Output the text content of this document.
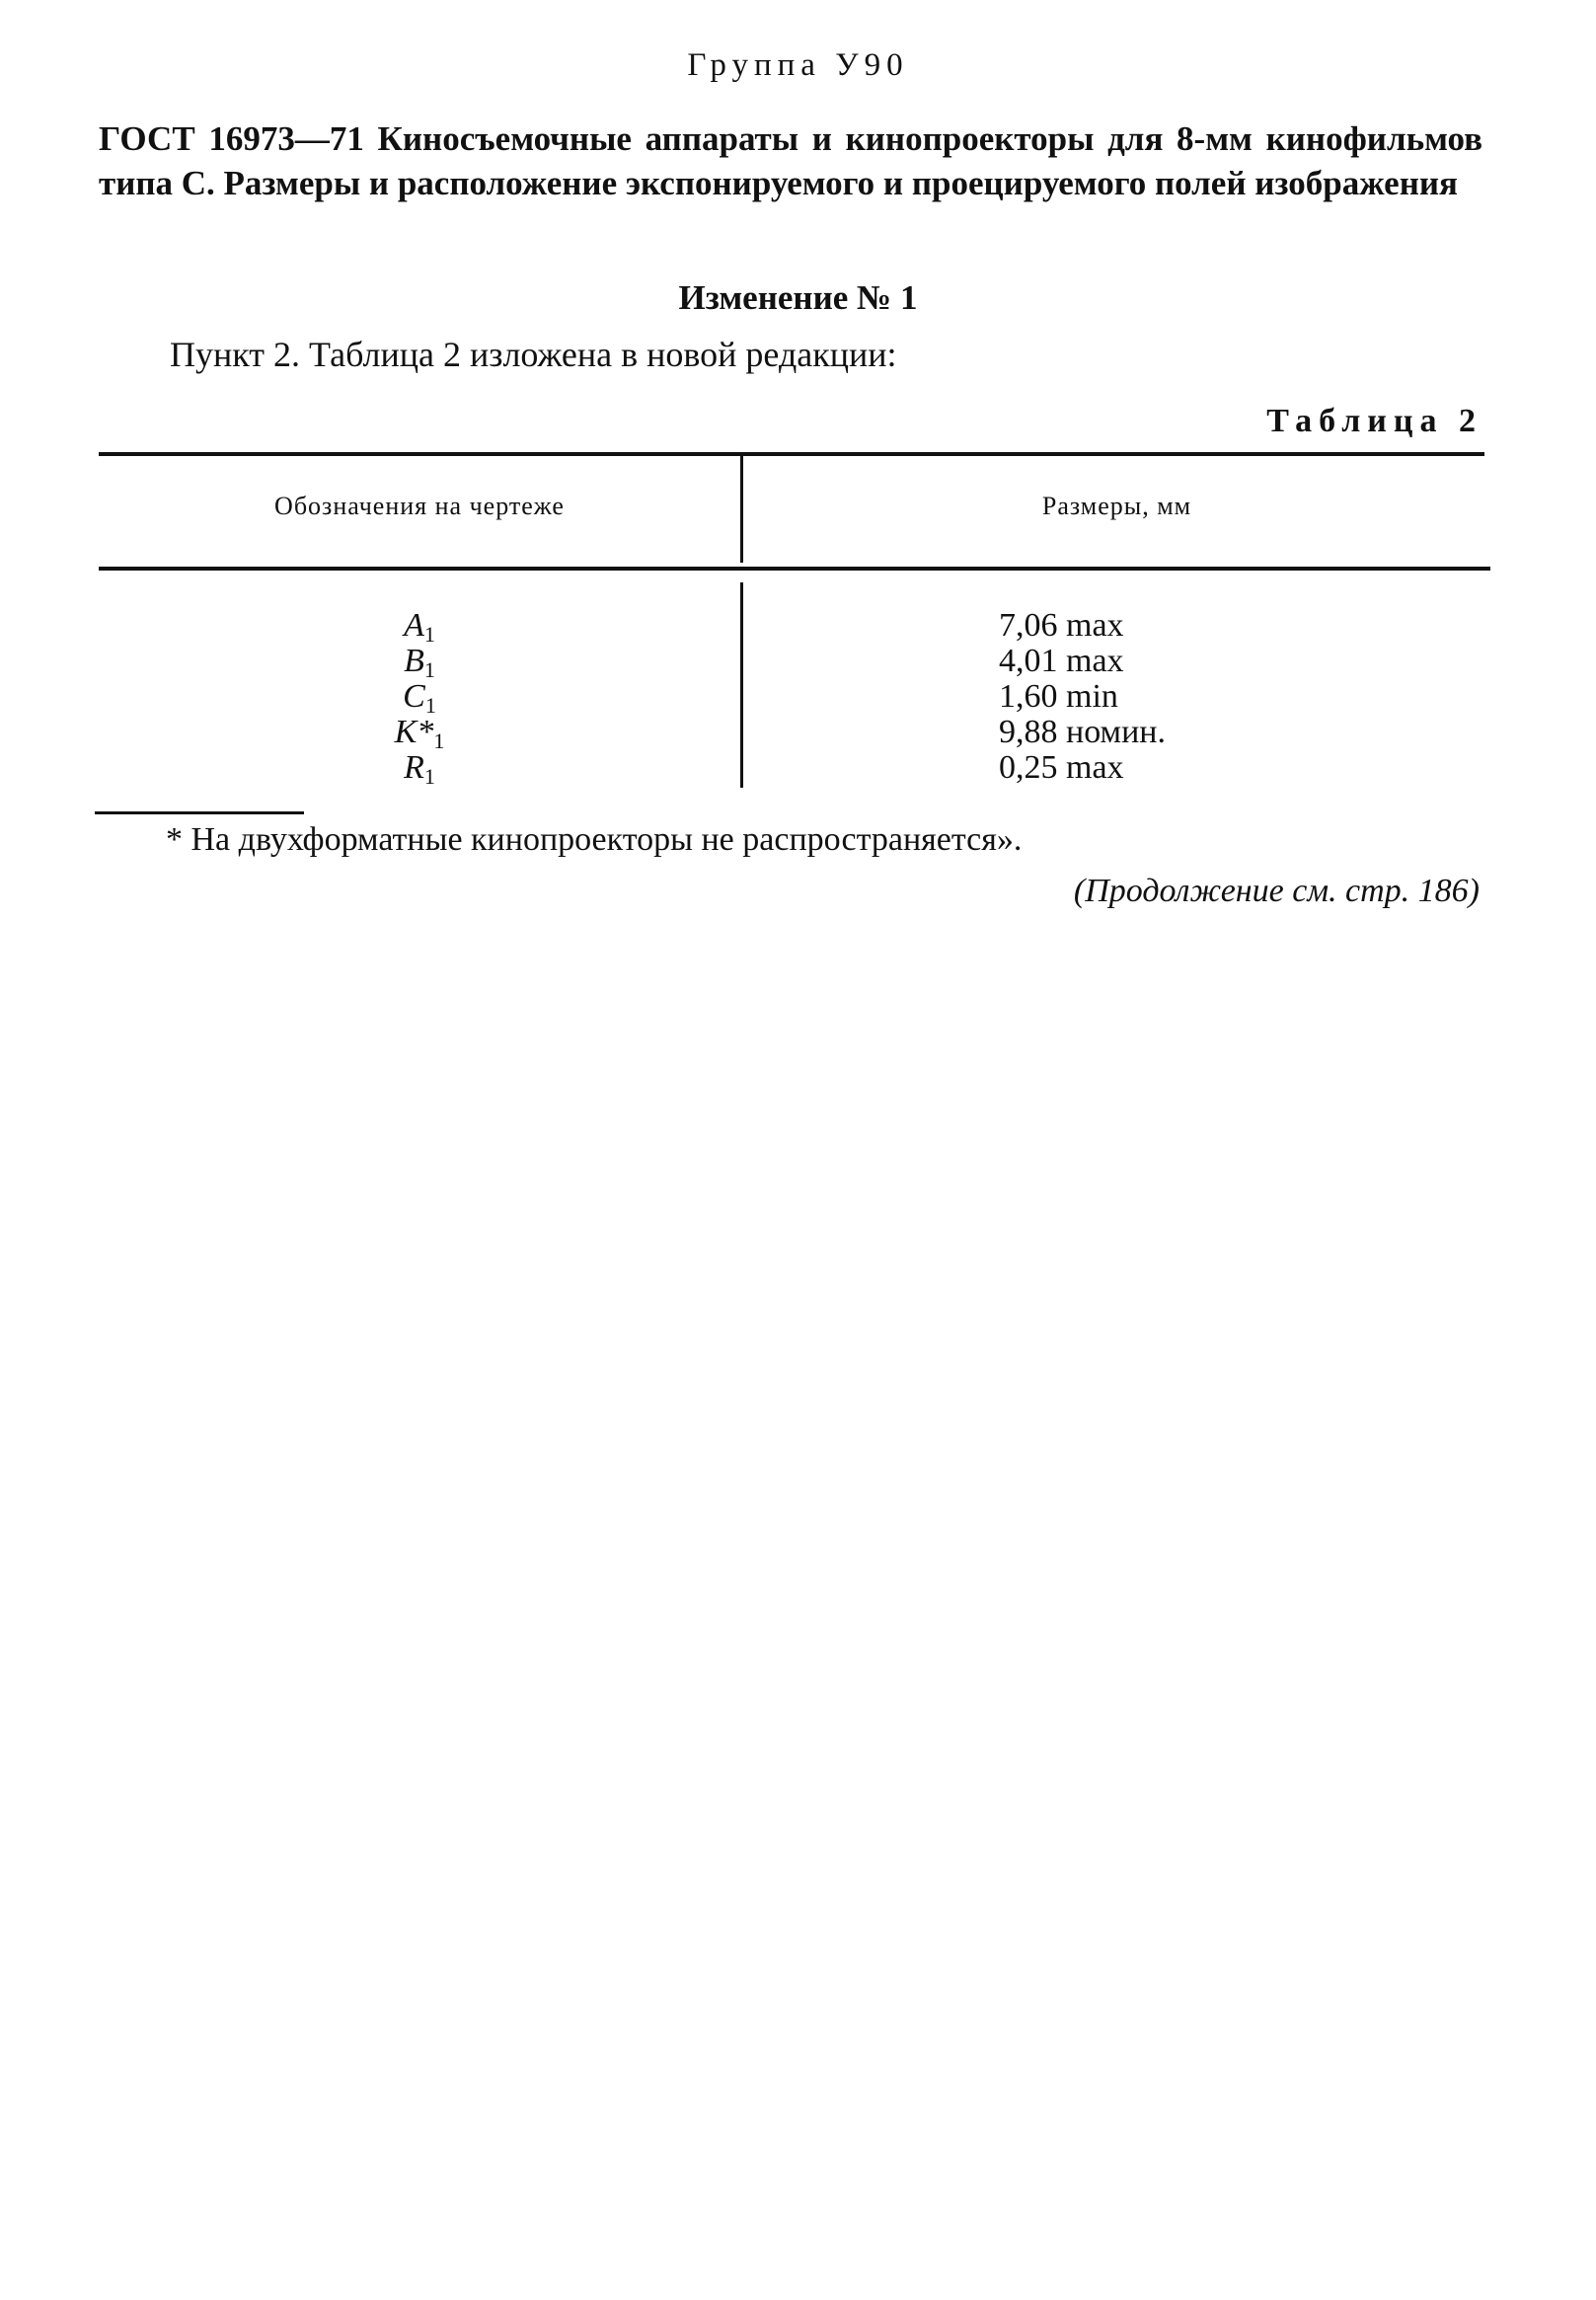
Группа У90
ГОСТ 16973—71 Киносъемочные аппараты и кинопроекторы для 8-мм кинофильмов типа С. Размеры и расположение экспонируемого и проецируемого полей изображения
Изменение № 1
Пункт 2. Таблица 2 изложена в новой редакции:
Таблица 2
Обозначения на чертеже	Размеры, мм
$A_1$
$B_1$
$C_1$
$K*_1$
$R_1$
7,06 max
4,01 max
1,60 min
9,88 номин.
0,25 max
* На двухформатные кинопроекторы не распространяется».
(Продолжение см. стр. 186)
